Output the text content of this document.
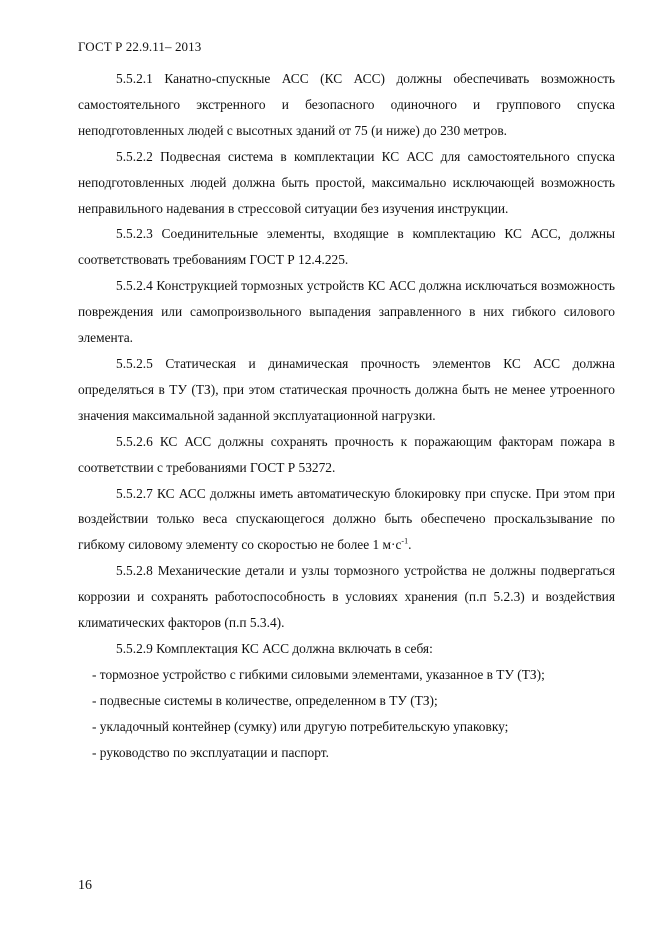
ГОСТ Р 22.9.11– 2013

5.5.2.1 Канатно-спускные АСС (КС АСС) должны обеспечивать возможность самостоятельного экстренного и безопасного одиночного и группового спуска неподготовленных людей с высотных зданий от 75 (и ниже) до 230 метров.

5.5.2.2 Подвесная система в комплектации КС АСС для самостоятельного спуска неподготовленных людей должна быть простой, максимально исключающей возможность неправильного надевания в стрессовой ситуации без изучения инструкции.

5.5.2.3 Соединительные элементы, входящие в комплектацию КС АСС, должны соответствовать требованиям ГОСТ Р 12.4.225.

5.5.2.4 Конструкцией тормозных устройств КС АСС должна исключаться возможность повреждения или самопроизвольного выпадения заправленного в них гибкого силового элемента.

5.5.2.5 Статическая и динамическая прочность элементов КС АСС должна определяться в ТУ (ТЗ), при этом статическая прочность должна быть не менее утроенного значения максимальной заданной эксплуатационной нагрузки.

5.5.2.6 КС АСС должны сохранять прочность к поражающим факторам пожара в соответствии с требованиями ГОСТ Р 53272.

5.5.2.7 КС АСС должны иметь автоматическую блокировку при спуске. При этом при воздействии только веса спускающегося должно быть обеспечено проскальзывание по гибкому силовому элементу со скоростью не более 1 $м\cdot с^{-1}$.

5.5.2.8 Механические детали и узлы тормозного устройства не должны подвергаться коррозии и сохранять работоспособность в условиях хранения (п.п 5.2.3) и воздействия климатических факторов (п.п 5.3.4).

5.5.2.9 Комплектация КС АСС должна включать в себя:

- тормозное устройство с гибкими силовыми элементами, указанное в ТУ (ТЗ);
- подвесные системы в количестве, определенном в ТУ (ТЗ);
- укладочный контейнер (сумку) или другую потребительскую упаковку;
- руководство по эксплуатации и паспорт.
16
